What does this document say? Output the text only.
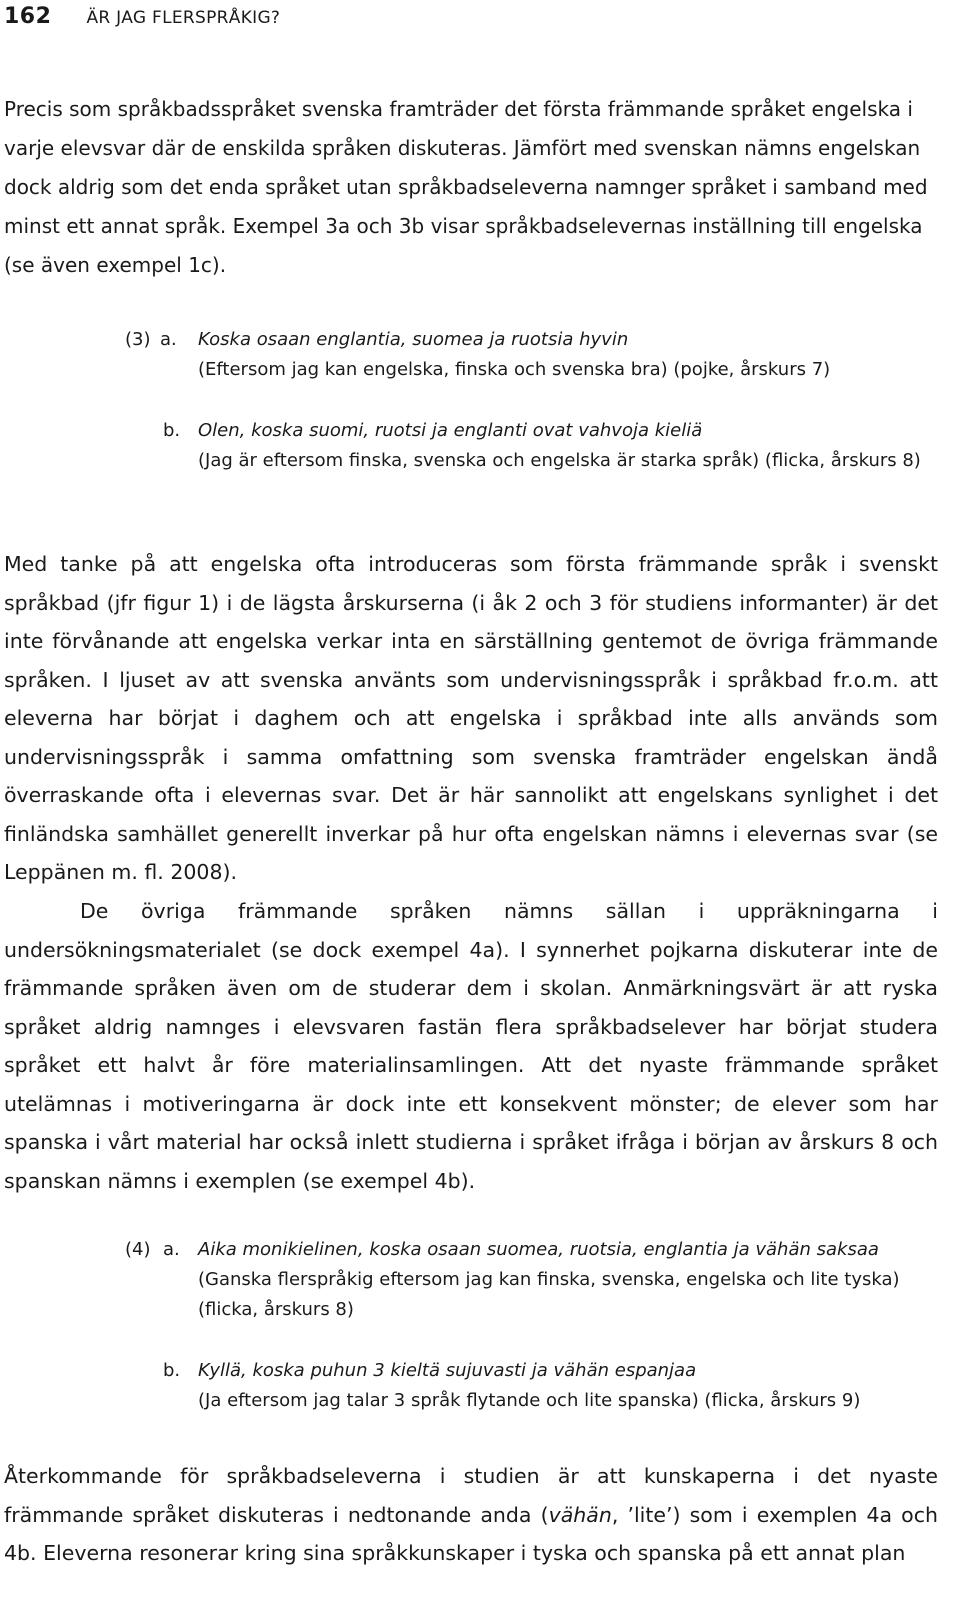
162 ÄR JAG FLERSPRÅKIG?

Precis som språkbadsspråket svenska framträder det första främmande språket engelska i varje elevsvar där de enskilda språken diskuteras. Jämfört med svenskan nämns engelskan dock aldrig som det enda språket utan språkbadseleverna namnger språket i samband med minst ett annat språk. Exempel 3a och 3b visar språkbadselevernas inställning till engelska (se även exempel 1c).

(3) a. Koska osaan englantia, suomea ja ruotsia hyvin
(Eftersom jag kan engelska, finska och svenska bra) (pojke, årskurs 7)
b. Olen, koska suomi, ruotsi ja englanti ovat vahvoja kieliä
(Jag är eftersom finska, svenska och engelska är starka språk) (flicka, årskurs 8)

Med tanke på att engelska ofta introduceras som första främmande språk i svenskt språkbad (jfr figur 1) i de lägsta årskurserna (i åk 2 och 3 för studiens informanter) är det inte förvånande att engelska verkar inta en särställning gentemot de övriga främmande språken. I ljuset av att svenska använts som undervisningsspråk i språkbad fr.o.m. att eleverna har börjat i daghem och att engelska i språkbad inte alls används som undervisningsspråk i samma omfattning som svenska framträder engelskan ändå överraskande ofta i elevernas svar. Det är här sannolikt att engelskans synlighet i det finländska samhället generellt inverkar på hur ofta engelskan nämns i elevernas svar (se Leppänen m. fl. 2008).

De övriga främmande språken nämns sällan i uppräkningarna i undersökningsmaterialet (se dock exempel 4a). I synnerhet pojkarna diskuterar inte de främmande språken även om de studerar dem i skolan. Anmärkningsvärt är att ryska språket aldrig namnges i elevsvaren fastän flera språkbadselever har börjat studera språket ett halvt år före materialinsamlingen. Att det nyaste främmande språket utelämnas i motiveringarna är dock inte ett konsekvent mönster; de elever som har spanska i vårt material har också inlett studierna i språket ifråga i början av årskurs 8 och spanskan nämns i exemplen (se exempel 4b).

(4) a. Aika monikielinen, koska osaan suomea, ruotsia, englantia ja vähän saksaa
(Ganska flerspråkig eftersom jag kan finska, svenska, engelska och lite tyska) (flicka, årskurs 8)
b. Kyllä, koska puhun 3 kieltä sujuvasti ja vähän espanjaa
(Ja eftersom jag talar 3 språk flytande och lite spanska) (flicka, årskurs 9)

Återkommande för språkbadseleverna i studien är att kunskaperna i det nyaste främmande språket diskuteras i nedtonande anda (vähän, ’lite’) som i exemplen 4a och 4b. Eleverna resonerar kring sina språkkunskaper i tyska och spanska på ett annat plan
